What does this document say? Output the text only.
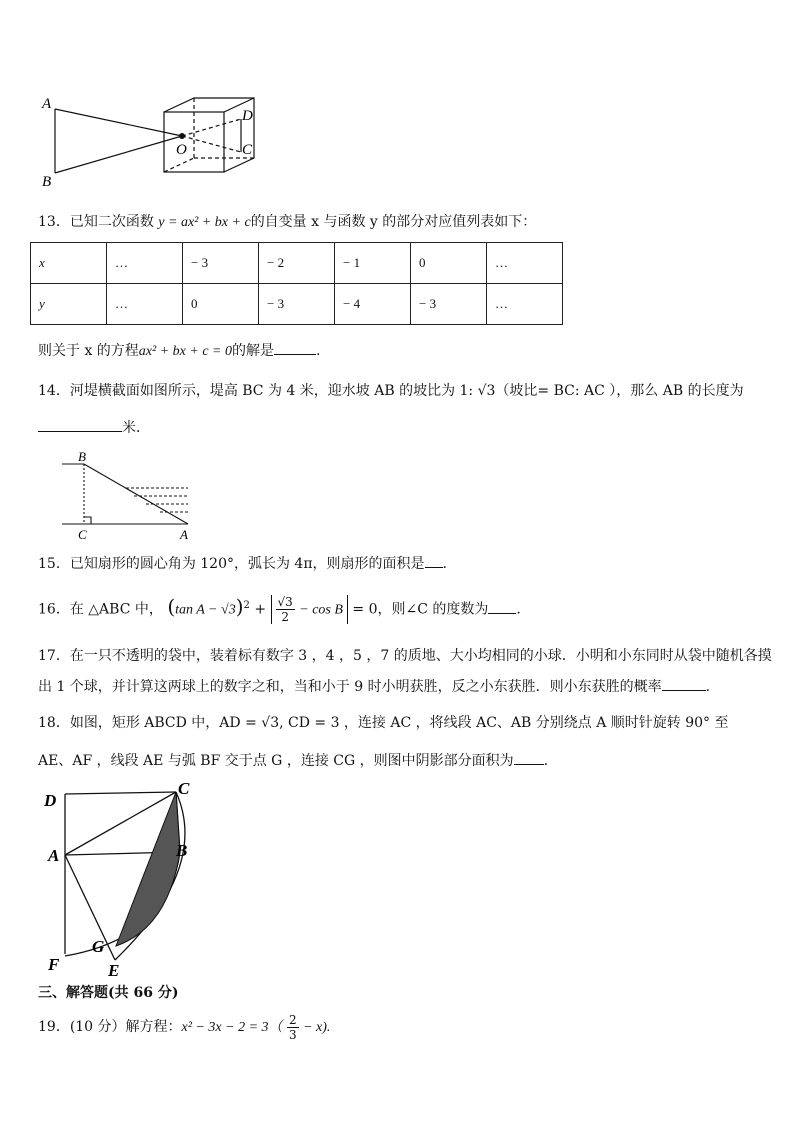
A
B
O
D
C
13．已知二次函数 y = ax² + bx + c的自变量 x 与函数 y 的部分对应值列表如下：
x	…	− 3	− 2	− 1	0	…
y	…	0	− 3	− 4	− 3	…
则关于 x 的方程ax² + bx + c = 0的解是	.
14．河堤横截面如图所示，堤高 BC 为 4 米，迎水坡 AB 的坡比为 1: √3（坡比= BC: AC ），那么 AB 的长度为
米．
B
C	A
15．已知扇形的圆心角为 120°，弧长为 4π，则扇形的面积是 .
16．在 △ABC 中， (tan $A - √3)^2 + \frac{√3}{2} - \cos B = 0$，则∠C 的度数为 .
17．在一只不透明的袋中，装着标有数字 3 ，4 ，5 ，7 的质地、大小均相同的小球．小明和小东同时从袋中随机各摸
出 1 个球，并计算这两球上的数字之和，当和小于 9 时小明获胜，反之小东获胜．则小东获胜的概率	.
18．如图，矩形 ABCD 中，AD = √3, CD = 3 ，连接 AC ，将线段 AC、AB 分别绕点 A 顺时针旋转 90° 至
AE、AF ，线段 AE 与弧 BF 交于点 G ，连接 CG ，则图中阴影部分面积为 .
D
C
A	B
G
F	E
三、解答题(共 66 分)
19．(10 分）解方程：$x^2 - 3x - 2 = 3( \frac{2}{3} - x)$.
